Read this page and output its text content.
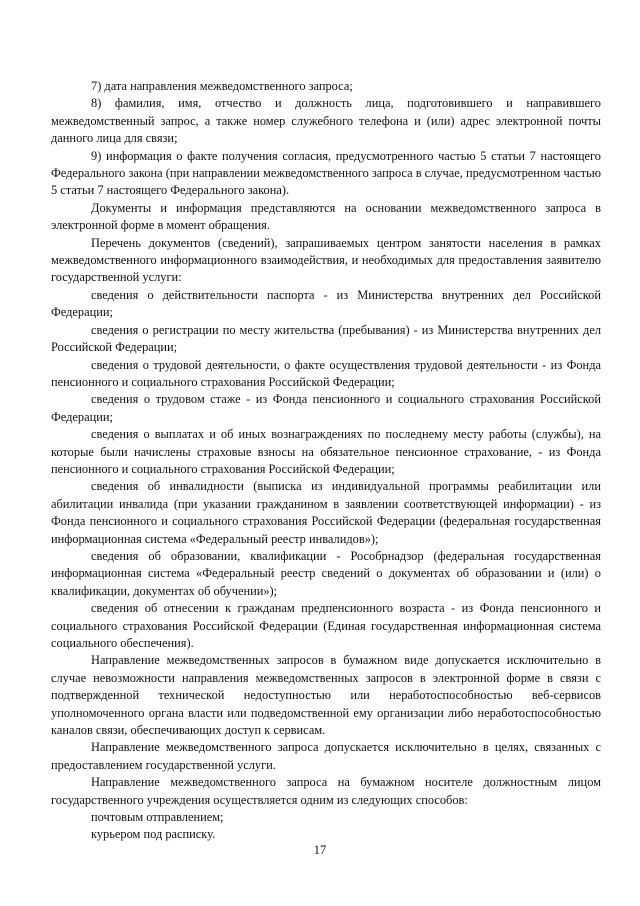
7) дата направления межведомственного запроса;

8) фамилия, имя, отчество и должность лица, подготовившего и направившего межведомственный запрос, а также номер служебного телефона и (или) адрес электронной почты данного лица для связи;

9) информация о факте получения согласия, предусмотренного частью 5 статьи 7 настоящего Федерального закона (при направлении межведомственного запроса в случае, предусмотренном частью 5 статьи 7 настоящего Федерального закона).

Документы и информация представляются на основании межведомственного запроса в электронной форме в момент обращения.

Перечень документов (сведений), запрашиваемых центром занятости населения в рамках межведомственного информационного взаимодействия, и необходимых для предоставления заявителю государственной услуги:

сведения о действительности паспорта - из Министерства внутренних дел Российской Федерации;

сведения о регистрации по месту жительства (пребывания) - из Министерства внутренних дел Российской Федерации;

сведения о трудовой деятельности, о факте осуществления трудовой деятельности - из Фонда пенсионного и социального страхования Российской Федерации;

сведения о трудовом стаже - из Фонда пенсионного и социального страхования Российской Федерации;

сведения о выплатах и об иных вознаграждениях по последнему месту работы (службы), на которые были начислены страховые взносы на обязательное пенсионное страхование, - из Фонда пенсионного и социального страхования Российской Федерации;

сведения об инвалидности (выписка из индивидуальной программы реабилитации или абилитации инвалида (при указании гражданином в заявлении соответствующей информации) - из Фонда пенсионного и социального страхования Российской Федерации (федеральная государственная информационная система «Федеральный реестр инвалидов»);

сведения об образовании, квалификации - Рособрнадзор (федеральная государственная информационная система «Федеральный реестр сведений о документах об образовании и (или) о квалификации, документах об обучении»);

сведения об отнесении к гражданам предпенсионного возраста - из Фонда пенсионного и социального страхования Российской Федерации (Единая государственная информационная система социального обеспечения).

Направление межведомственных запросов в бумажном виде допускается исключительно в случае невозможности направления межведомственных запросов в электронной форме в связи с подтвержденной технической недоступностью или неработоспособностью веб-сервисов уполномоченного органа власти или подведомственной ему организации либо неработоспособностью каналов связи, обеспечивающих доступ к сервисам.

Направление межведомственного запроса допускается исключительно в целях, связанных с предоставлением государственной услуги.

Направление межведомственного запроса на бумажном носителе должностным лицом государственного учреждения осуществляется одним из следующих способов:

почтовым отправлением;

курьером под расписку.

17
